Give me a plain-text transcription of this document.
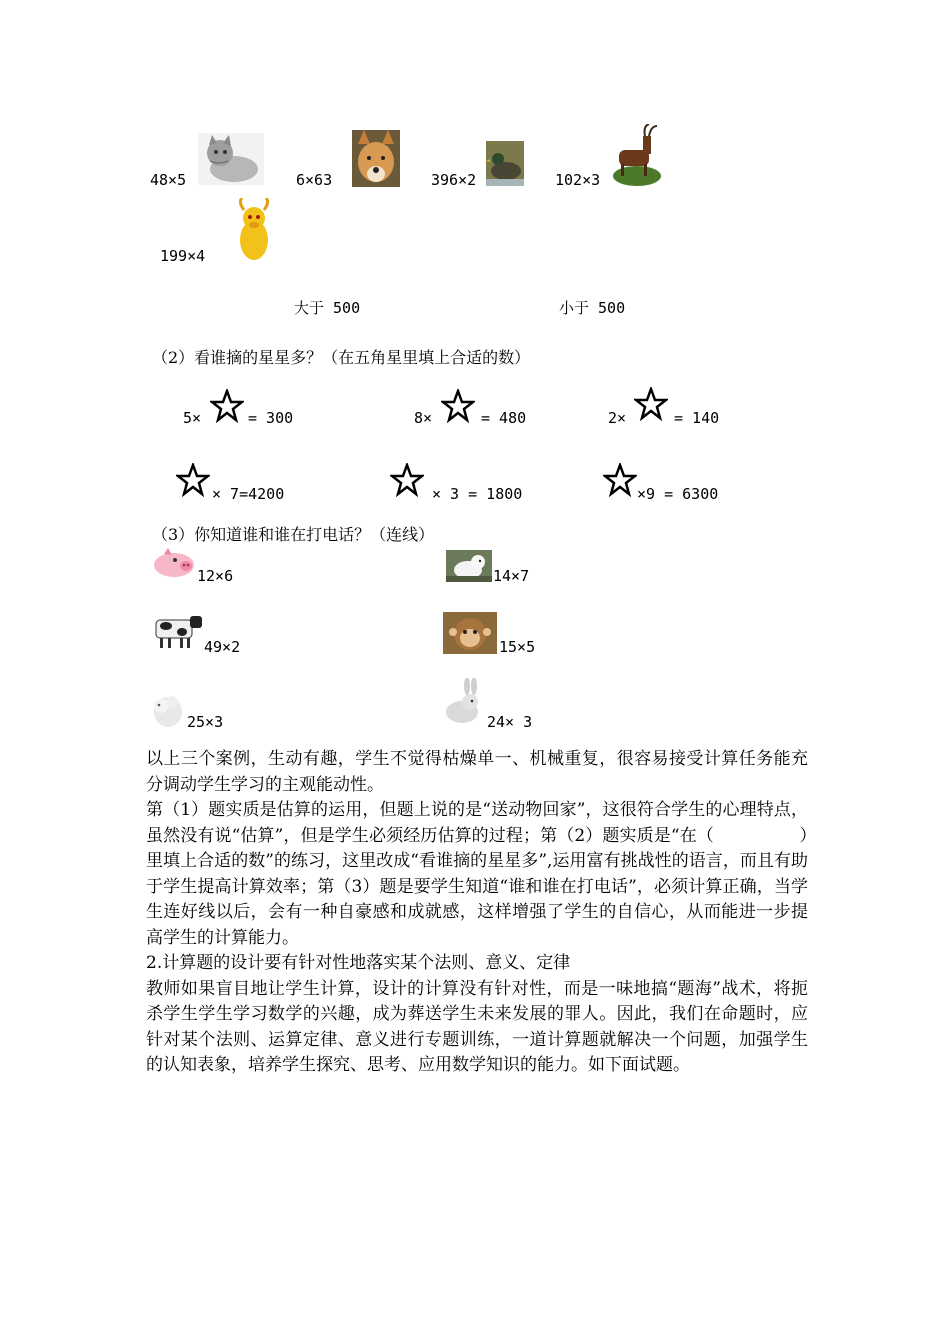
48×5	6×63	396×2	102×3
199×4
大于 500	小于 500
（2）看谁摘的星星多？（在五角星里填上合适的数）
5×	= 300	8×	= 480	2×	= 140
× 7=4200	× 3 = 1800	×9 = 6300
（3）你知道谁和谁在打电话？（连线）
12×6
49×2
25×3
14×7
15×5
24× 3

以上三个案例，生动有趣，学生不觉得枯燥单一、机械重复，很容易接受计算任务能充分调动学生学习的主观能动性。

第（1）题实质是估算的运用，但题上说的是“送动物回家”，这很符合学生的心理特点，虽然没有说“估算”，但是学生必须经历估算的过程；第（2）题实质是“在（　　　　　）里填上合适的数”的练习，这里改成“看谁摘的星星多”,运用富有挑战性的语言，而且有助于学生提高计算效率；第（3）题是要学生知道“谁和谁在打电话”，必须计算正确，当学生连好线以后，会有一种自豪感和成就感，这样增强了学生的自信心，从而能进一步提高学生的计算能力。

2.计算题的设计要有针对性地落实某个法则、意义、定律

教师如果盲目地让学生计算，设计的计算没有针对性，而是一味地搞“题海”战术，将扼杀学生学生学习数学的兴趣，成为葬送学生未来发展的罪人。因此，我们在命题时，应针对某个法则、运算定律、意义进行专题训练，一道计算题就解决一个问题，加强学生的认知表象，培养学生探究、思考、应用数学知识的能力。如下面试题。
